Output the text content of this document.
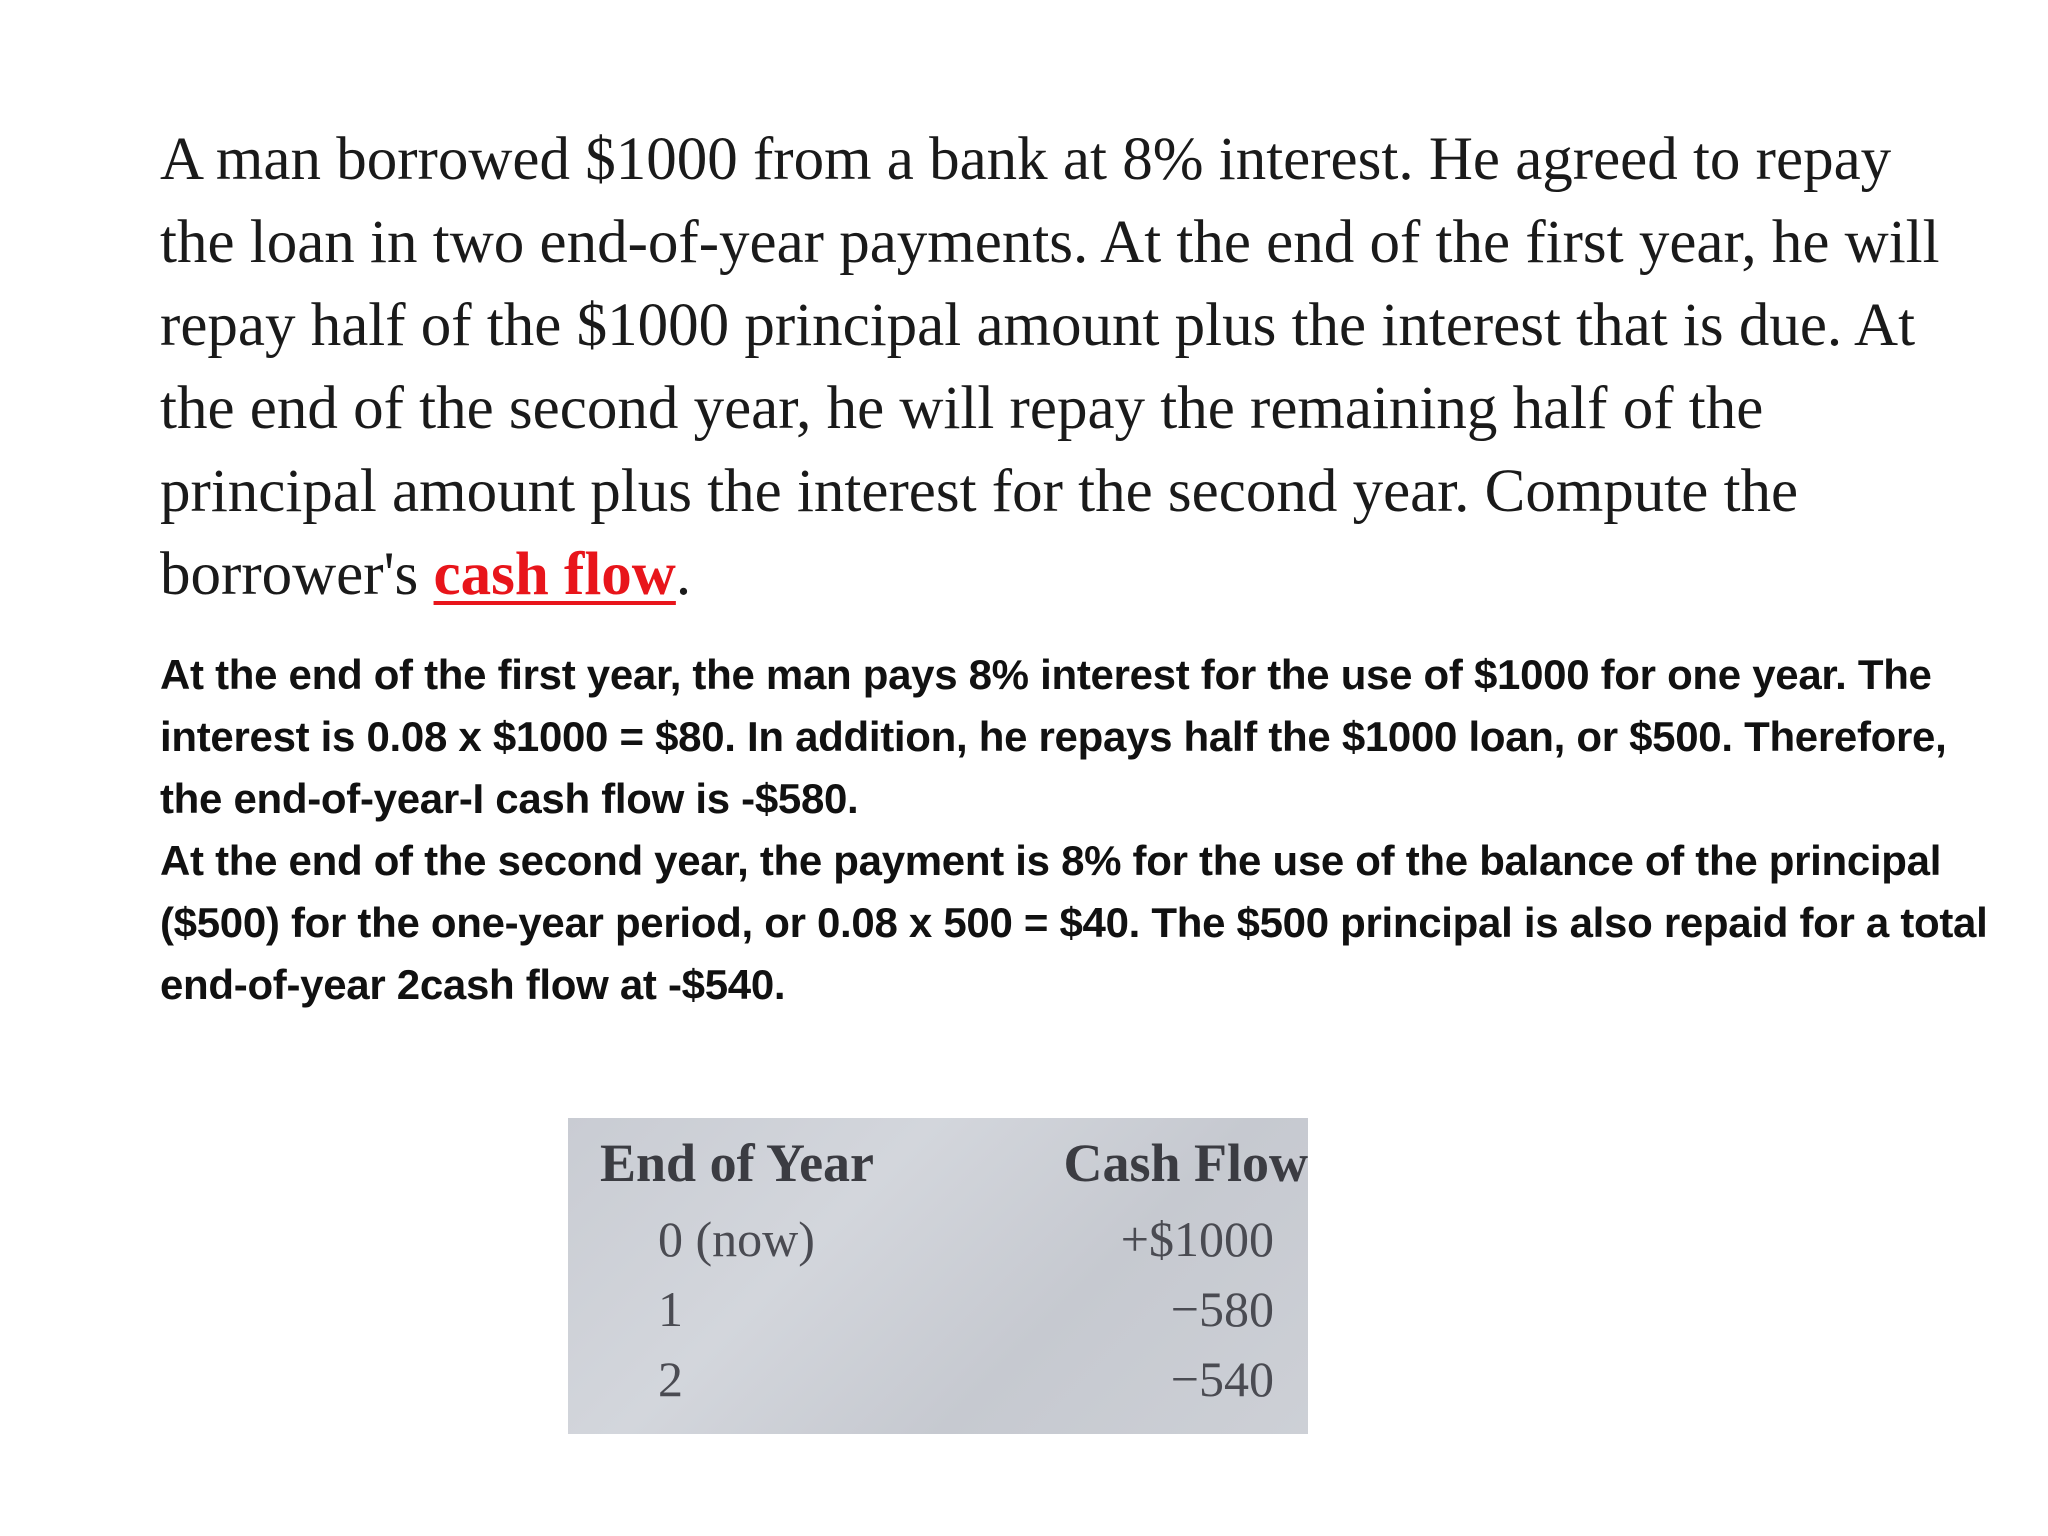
A man borrowed $1000 from a bank at 8% interest. He agreed to repay the loan in two end-of-year payments. At the end of the first year, he will repay half of the $1000 principal amount plus the interest that is due. At the end of the second year, he will repay the remaining half of the principal amount plus the interest for the second year. Compute the borrower's cash flow.

At the end of the first year, the man pays 8% interest for the use of $1000 for one year. The interest is 0.08 x $1000 = $80. In addition, he repays half the $1000 loan, or $500. Therefore, the end-of-year-I cash flow is -$580.

At the end of the second year, the payment is 8% for the use of the balance of the principal ($500) for the one-year period, or 0.08 x 500 = $40. The $500 principal is also repaid for a total end-of-year 2cash flow at -$540.

End of Year	Cash Flow
0 (now)	+$1000
1	−580
2	−540
